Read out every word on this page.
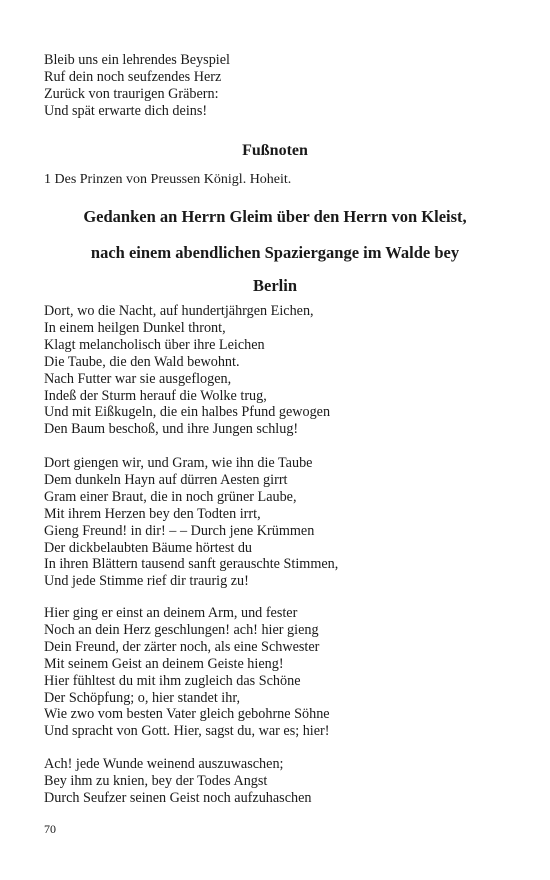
Bleib uns ein lehrendes Beyspiel
Ruf dein noch seufzendes Herz
Zurück von traurigen Gräbern:
Und spät erwarte dich deins!
Fußnoten

1 Des Prinzen von Preussen Königl. Hoheit.

Gedanken an Herrn Gleim über den Herrn von Kleist,
nach einem abendlichen Spaziergange im Walde bey
Berlin
Dort, wo die Nacht, auf hundertjährgen Eichen,
In einem heilgen Dunkel thront,
Klagt melancholisch über ihre Leichen
Die Taube, die den Wald bewohnt.
Nach Futter war sie ausgeflogen,
Indeß der Sturm herauf die Wolke trug,
Und mit Eißkugeln, die ein halbes Pfund gewogen
Den Baum beschoß, und ihre Jungen schlug!
Dort giengen wir, und Gram, wie ihn die Taube
Dem dunkeln Hayn auf dürren Aesten girrt
Gram einer Braut, die in noch grüner Laube,
Mit ihrem Herzen bey den Todten irrt,
Gieng Freund! in dir! – – Durch jene Krümmen
Der dickbelaubten Bäume hörtest du
In ihren Blättern tausend sanft gerauschte Stimmen,
Und jede Stimme rief dir traurig zu!
Hier ging er einst an deinem Arm, und fester
Noch an dein Herz geschlungen! ach! hier gieng
Dein Freund, der zärter noch, als eine Schwester
Mit seinem Geist an deinem Geiste hieng!
Hier fühltest du mit ihm zugleich das Schöne
Der Schöpfung; o, hier standet ihr,
Wie zwo vom besten Vater gleich gebohrne Söhne
Und spracht von Gott. Hier, sagst du, war es; hier!
Ach! jede Wunde weinend auszuwaschen;
Bey ihm zu knien, bey der Todes Angst
Durch Seufzer seinen Geist noch aufzuhaschen
70
